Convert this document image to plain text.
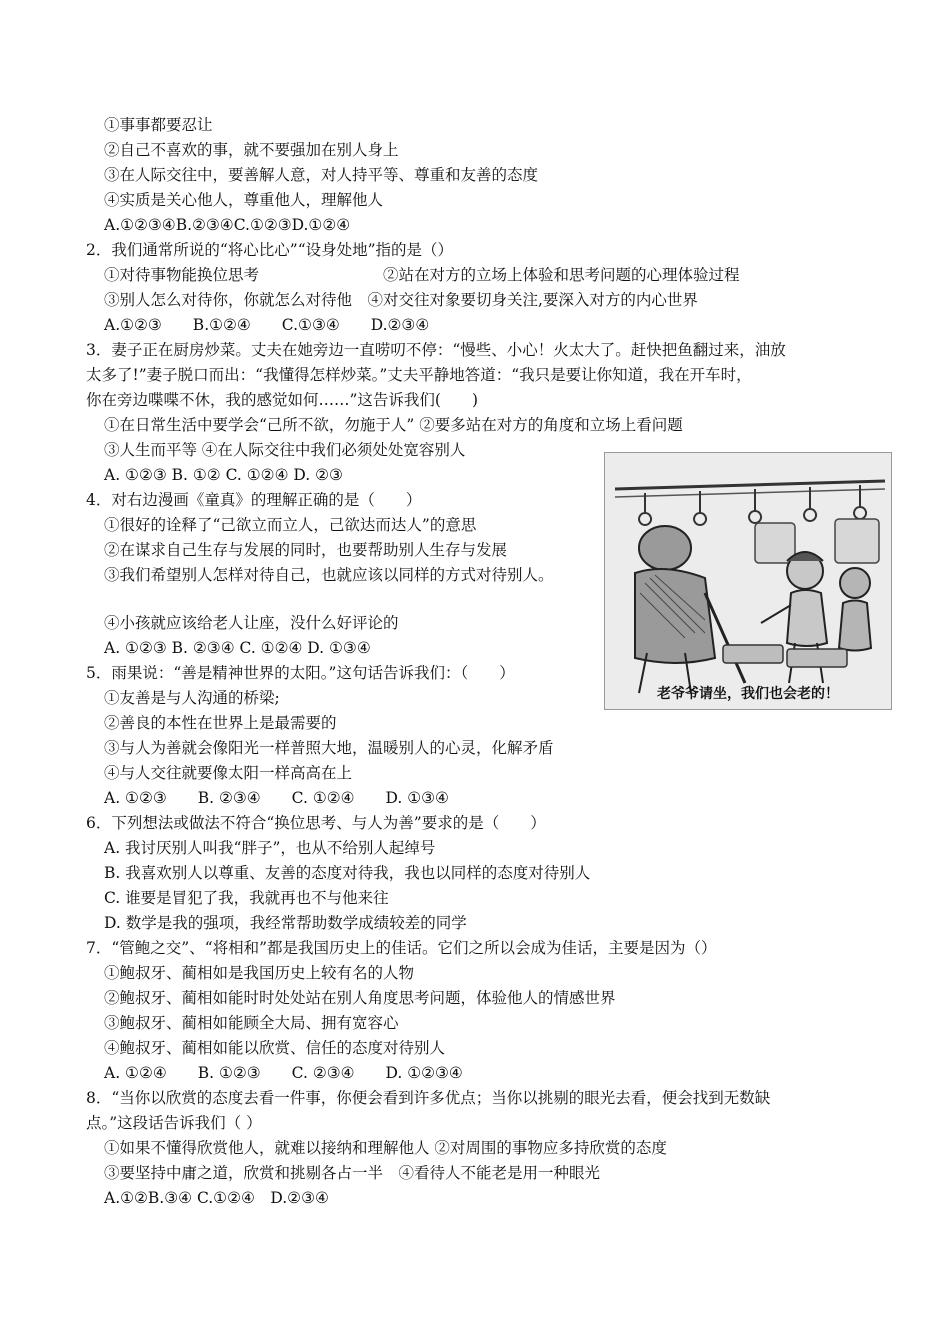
①事事都要忍让
②自己不喜欢的事，就不要强加在别人身上
③在人际交往中，要善解人意，对人持平等、尊重和友善的态度
④实质是关心他人，尊重他人，理解他人
A.①②③④B.②③④C.①②③D.①②④
2．我们通常所说的“将心比心”“设身处地”指的是（）
①对待事物能换位思考　　　　　　　　②站在对方的立场上体验和思考问题的心理体验过程
③别人怎么对待你，你就怎么对待他　④对交往对象要切身关注,要深入对方的内心世界
A.①②③　　B.①②④　　C.①③④　　D.②③④
3．妻子正在厨房炒菜。丈夫在她旁边一直唠叨不停：“慢些、小心！火太大了。赶快把鱼翻过来，油放
太多了!”妻子脱口而出：“我懂得怎样炒菜。”丈夫平静地答道：“我只是要让你知道，我在开车时，
你在旁边喋喋不休，我的感觉如何……”这告诉我们(　　)
①在日常生活中要学会“己所不欲，勿施于人” ②要多站在对方的角度和立场上看问题
③人生而平等 ④在人际交往中我们必须处处宽容别人
A. ①②③ B. ①② C. ①②④ D. ②③
4．对右边漫画《童真》的理解正确的是（　　）
①很好的诠释了“己欲立而立人，己欲达而达人”的意思
②在谋求自己生存与发展的同时，也要帮助别人生存与发展
③我们希望别人怎样对待自己，也就应该以同样的方式对待别人。
④小孩就应该给老人让座，没什么好评论的
A. ①②③ B. ②③④ C. ①②④ D. ①③④
5．雨果说：“善是精神世界的太阳。”这句话告诉我们：（　　）
①友善是与人沟通的桥梁;
②善良的本性在世界上是最需要的
③与人为善就会像阳光一样普照大地，温暖别人的心灵，化解矛盾
④与人交往就要像太阳一样高高在上
A. ①②③　　B. ②③④　　C. ①②④　　D. ①③④
6．下列想法或做法不符合“换位思考、与人为善”要求的是（　　）
A. 我讨厌别人叫我“胖子”，也从不给别人起绰号
B. 我喜欢别人以尊重、友善的态度对待我，我也以同样的态度对待别人
C. 谁要是冒犯了我，我就再也不与他来往
D. 数学是我的强项，我经常帮助数学成绩较差的同学
7．“管鲍之交”、“将相和”都是我国历史上的佳话。它们之所以会成为佳话，主要是因为（）
①鲍叔牙、蔺相如是我国历史上较有名的人物
②鲍叔牙、蔺相如能时时处处站在别人角度思考问题，体验他人的情感世界
③鲍叔牙、蔺相如能顾全大局、拥有宽容心
④鲍叔牙、蔺相如能以欣赏、信任的态度对待别人
A. ①②④　　B. ①②③　　C. ②③④　　D. ①②③④
8．“当你以欣赏的态度去看一件事，你便会看到许多优点；当你以挑剔的眼光去看，便会找到无数缺
点。”这段话告诉我们（ ）
①如果不懂得欣赏他人，就难以接纳和理解他人 ②对周围的事物应多持欣赏的态度
③要坚持中庸之道，欣赏和挑剔各占一半　④看待人不能老是用一种眼光
A.①②B.③④ C.①②④　D.②③④
老爷爷请坐，我们也会老的！
